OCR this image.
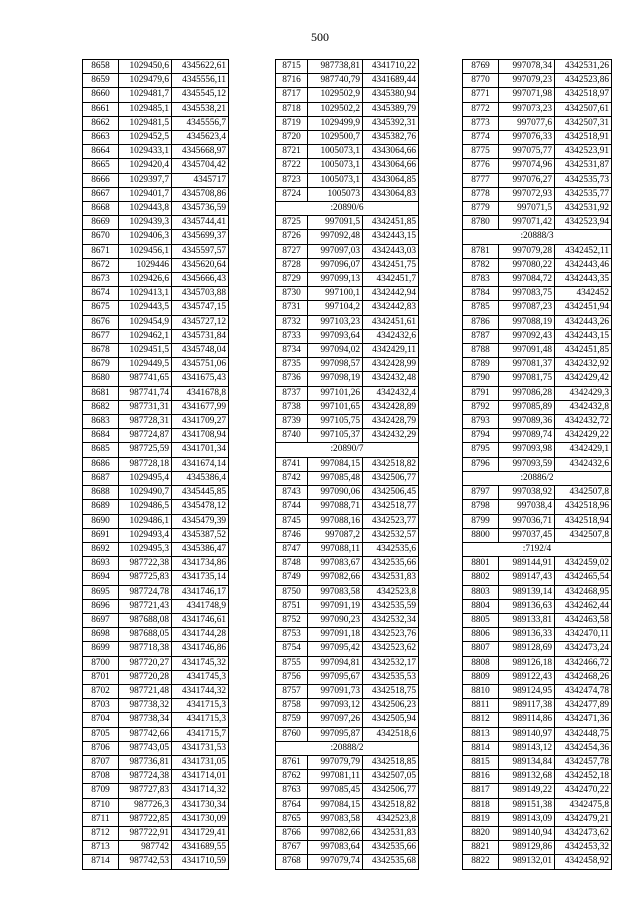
500
8658	1029450,6	4345622,61
8659	1029479,6	4345556,11
8660	1029481,7	4345545,12
8661	1029485,1	4345538,21
8662	1029481,5	4345556,7
8663	1029452,5	4345623,4
8664	1029433,1	4345668,97
8665	1029420,4	4345704,42
8666	1029397,7	4345717
8667	1029401,7	4345708,86
8668	1029443,8	4345736,59
8669	1029439,3	4345744,41
8670	1029406,3	4345699,37
8671	1029456,1	4345597,57
8672	1029446	4345620,64
8673	1029426,6	4345666,43
8674	1029413,1	4345703,88
8675	1029443,5	4345747,15
8676	1029454,9	4345727,12
8677	1029462,1	4345731,84
8678	1029451,5	4345748,04
8679	1029449,5	4345751,06
8680	987741,65	4341675,43
8681	987741,74	4341678,8
8682	987731,31	4341677,99
8683	987728,31	4341709,27
8684	987724,87	4341708,94
8685	987725,59	4341701,34
8686	987728,18	4341674,14
8687	1029495,4	4345386,4
8688	1029490,7	4345445,85
8689	1029486,5	4345478,12
8690	1029486,1	4345479,39
8691	1029493,4	4345387,52
8692	1029495,3	4345386,47
8693	987722,38	4341734,86
8694	987725,83	4341735,14
8695	987724,78	4341746,17
8696	987721,43	4341748,9
8697	987688,08	4341746,61
8698	987688,05	4341744,28
8699	987718,38	4341746,86
8700	987720,27	4341745,32
8701	987720,28	4341745,3
8702	987721,48	4341744,32
8703	987738,32	4341715,3
8704	987738,34	4341715,3
8705	987742,66	4341715,7
8706	987743,05	4341731,53
8707	987736,81	4341731,05
8708	987724,38	4341714,01
8709	987727,83	4341714,32
8710	987726,3	4341730,34
8711	987722,85	4341730,09
8712	987722,91	4341729,41
8713	987742	4341689,55
8714	987742,53	4341710,59
8715	987738,81	4341710,22
8716	987740,79	4341689,44
8717	1029502,9	4345380,94
8718	1029502,2	4345389,79
8719	1029499,9	4345392,31
8720	1029500,7	4345382,76
8721	1005073,1	4343064,66
8722	1005073,1	4343064,66
8723	1005073,1	4343064,85
8724	1005073	4343064,83
:20890/6		
8725	997091,5	4342451,85
8726	997092,48	4342443,15
8727	997097,03	4342443,03
8728	997096,07	4342451,75
8729	997099,13	4342451,7
8730	997100,1	4342442,94
8731	997104,2	4342442,83
8732	997103,23	4342451,61
8733	997093,64	4342432,6
8734	997094,02	4342429,11
8735	997098,57	4342428,99
8736	997098,19	4342432,48
8737	997101,26	4342432,4
8738	997101,65	4342428,89
8739	997105,75	4342428,79
8740	997105,37	4342432,29
:20890/7		
8741	997084,15	4342518,82
8742	997085,48	4342506,77
8743	997090,06	4342506,45
8744	997088,71	4342518,77
8745	997088,16	4342523,77
8746	997087,2	4342532,57
8747	997088,11	4342535,6
8748	997083,67	4342535,66
8749	997082,66	4342531,83
8750	997083,58	4342523,8
8751	997091,19	4342535,59
8752	997090,23	4342532,34
8753	997091,18	4342523,76
8754	997095,42	4342523,62
8755	997094,81	4342532,17
8756	997095,67	4342535,53
8757	997091,73	4342518,75
8758	997093,12	4342506,23
8759	997097,26	4342505,94
8760	997095,87	4342518,6
:20888/2		
8761	997079,79	4342518,85
8762	997081,11	4342507,05
8763	997085,45	4342506,77
8764	997084,15	4342518,82
8765	997083,58	4342523,8
8766	997082,66	4342531,83
8767	997083,64	4342535,66
8768	997079,74	4342535,68
8769	997078,34	4342531,26
8770	997079,23	4342523,86
8771	997071,98	4342518,97
8772	997073,23	4342507,61
8773	997077,6	4342507,31
8774	997076,33	4342518,91
8775	997075,77	4342523,91
8776	997074,96	4342531,87
8777	997076,27	4342535,73
8778	997072,93	4342535,77
8779	997071,5	4342531,92
8780	997071,42	4342523,94
:20888/3		
8781	997079,28	4342452,11
8782	997080,22	4342443,46
8783	997084,72	4342443,35
8784	997083,75	4342452
8785	997087,23	4342451,94
8786	997088,19	4342443,26
8787	997092,43	4342443,15
8788	997091,48	4342451,85
8789	997081,37	4342432,92
8790	997081,75	4342429,42
8791	997086,28	4342429,3
8792	997085,89	4342432,8
8793	997089,36	4342432,72
8794	997089,74	4342429,22
8795	997093,98	4342429,1
8796	997093,59	4342432,6
:20886/2		
8797	997038,92	4342507,8
8798	997038,4	4342518,96
8799	997036,71	4342518,94
8800	997037,45	4342507,8
:7192/4		
8801	989144,91	4342459,02
8802	989147,43	4342465,54
8803	989139,14	4342468,95
8804	989136,63	4342462,44
8805	989133,81	4342463,58
8806	989136,33	4342470,11
8807	989128,69	4342473,24
8808	989126,18	4342466,72
8809	989122,43	4342468,26
8810	989124,95	4342474,78
8811	989117,38	4342477,89
8812	989114,86	4342471,36
8813	989140,97	4342448,75
8814	989143,12	4342454,36
8815	989134,84	4342457,78
8816	989132,68	4342452,18
8817	989149,22	4342470,22
8818	989151,38	4342475,8
8819	989143,09	4342479,21
8820	989140,94	4342473,62
8821	989129,86	4342453,32
8822	989132,01	4342458,92
